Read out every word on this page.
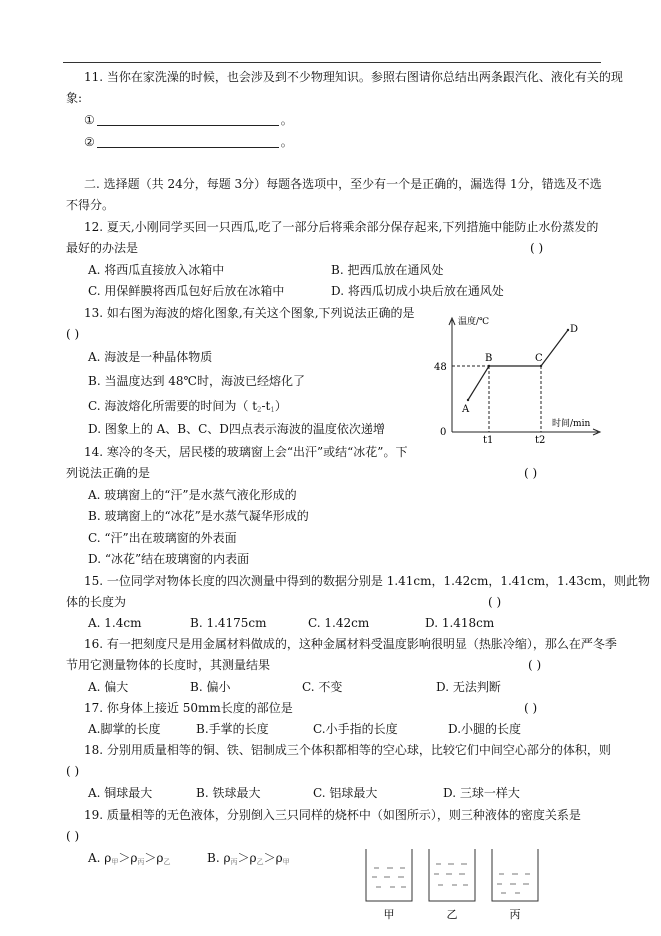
11. 当你在家洗澡的时候，也会涉及到不少物理知识。参照右图请你总结出两条跟汽化、液化有关的现
象:
①	。
②	。
二. 选择题（共 24分，每题 3分）每题各选项中，至少有一个是正确的，漏选得 1分，错选及不选
不得分。
12. 夏天,小刚同学买回一只西瓜,吃了一部分后将乘余部分保存起来,下列措施中能防止水份蒸发的
最好的办法是	( )
A. 将西瓜直接放入冰箱中	B. 把西瓜放在通风处
C. 用保鲜膜将西瓜包好后放在冰箱中	D. 将西瓜切成小块后放在通风处
13. 如右图为海波的熔化图象,有关这个图象,下列说法正确的是
( )
A. 海波是一种晶体物质
B. 当温度达到 48℃时，海波已经熔化了
C. 海波熔化所需要的时间为（ $t_2-t_1$）
D. 图象上的 A、B、C、D四点表示海波的温度依次递增
温度/℃
时间/min
48
0
t1	t2
A
B	C
D
14. 寒冷的冬天，居民楼的玻璃窗上会“出汗”或结“冰花”。下
列说法正确的是	( )
A. 玻璃窗上的“汗”是水蒸气液化形成的
B. 玻璃窗上的“冰花”是水蒸气凝华形成的
C. “汗”出在玻璃窗的外表面
D. “冰花”结在玻璃窗的内表面
15. 一位同学对物体长度的四次测量中得到的数据分别是 1.41cm，1.42cm，1.41cm，1.43cm，则此物
体的长度为	( )
A. 1.4cm	B. 1.4175cm	C. 1.42cm	D. 1.418cm
16. 有一把刻度尺是用金属材料做成的，这种金属材料受温度影响很明显（热胀冷缩），那么在严冬季
节用它测量物体的长度时，其测量结果	( )
A. 偏大	B. 偏小	C. 不变	D. 无法判断
17. 你身体上接近 50mm长度的部位是	( )
A.脚掌的长度	B.手掌的长度	C.小手指的长度	D.小腿的长度
18. 分别用质量相等的铜、铁、铝制成三个体积都相等的空心球，比较它们中间空心部分的体积，则
( )
A. 铜球最大	B. 铁球最大	C. 铝球最大	D. 三球一样大
19. 质量相等的无色液体，分别倒入三只同样的烧杯中（如图所示），则三种液体的密度关系是
( )
A. $\rho_甲>\rho_丙>\rho_乙$	B. $\rho_丙>\rho_乙>\rho_甲$
甲	乙	丙
